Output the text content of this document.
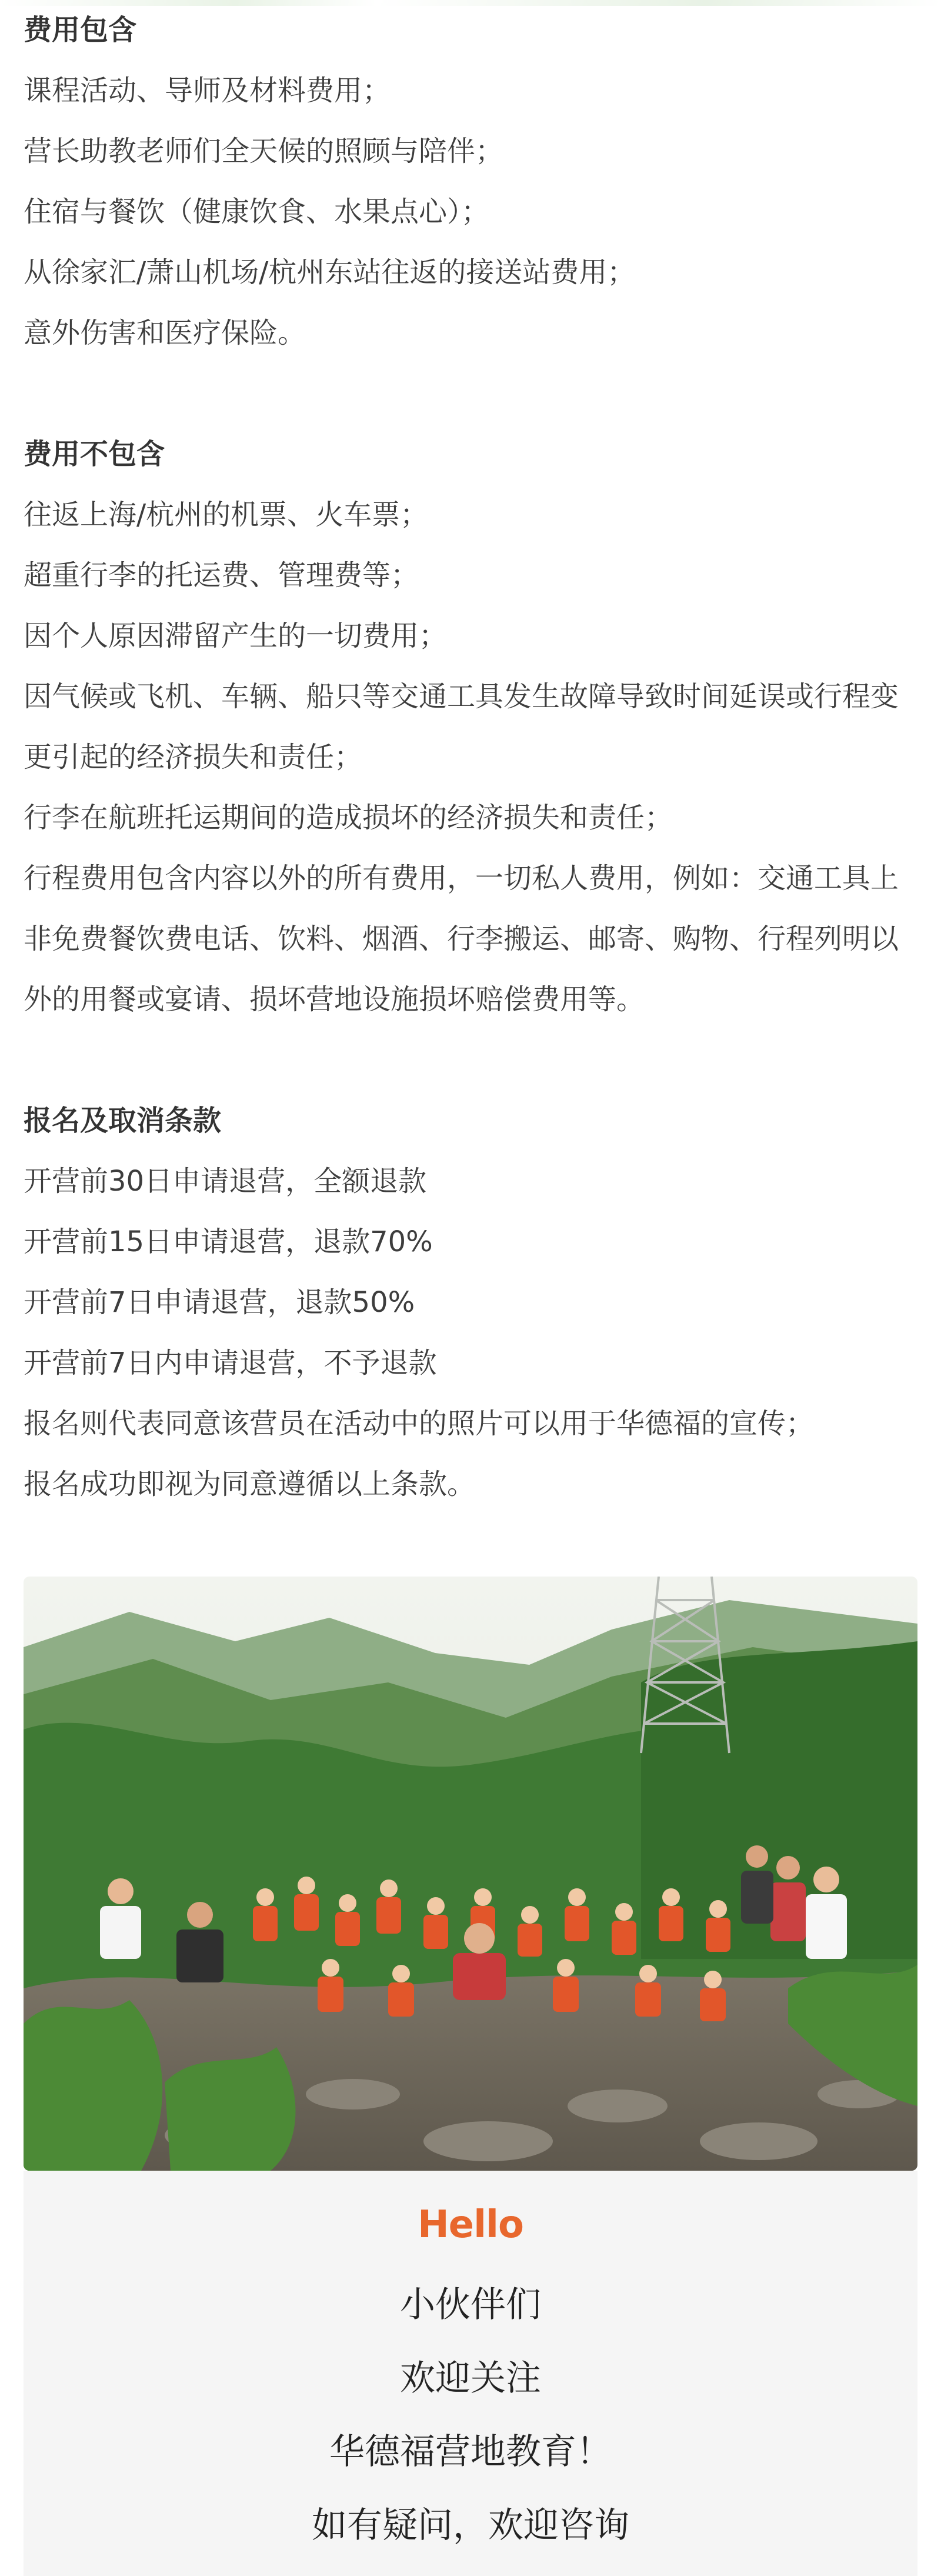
费用包含
课程活动、导师及材料费用；
营长助教老师们全天候的照顾与陪伴；
住宿与餐饮（健康饮食、水果点心）；
从徐家汇/萧山机场/杭州东站往返的接送站费用；
意外伤害和医疗保险。
费用不包含
往返上海/杭州的机票、火车票；
超重行李的托运费、管理费等；
因个人原因滞留产生的一切费用；
因气候或飞机、车辆、船只等交通工具发生故障导致时间延误或行程变更引起的经济损失和责任；
行李在航班托运期间的造成损坏的经济损失和责任；
行程费用包含内容以外的所有费用，一切私人费用，例如：交通工具上非免费餐饮费电话、饮料、烟酒、行李搬运、邮寄、购物、行程列明以外的用餐或宴请、损坏营地设施损坏赔偿费用等。
报名及取消条款
开营前30日申请退营，全额退款
开营前15日申请退营，退款70%
开营前7日申请退营，退款50%
开营前7日内申请退营，不予退款
报名则代表同意该营员在活动中的照片可以用于华德福的宣传；
报名成功即视为同意遵循以上条款。
Hello
小伙伴们
欢迎关注
华德福营地教育！
如有疑问，欢迎咨询
